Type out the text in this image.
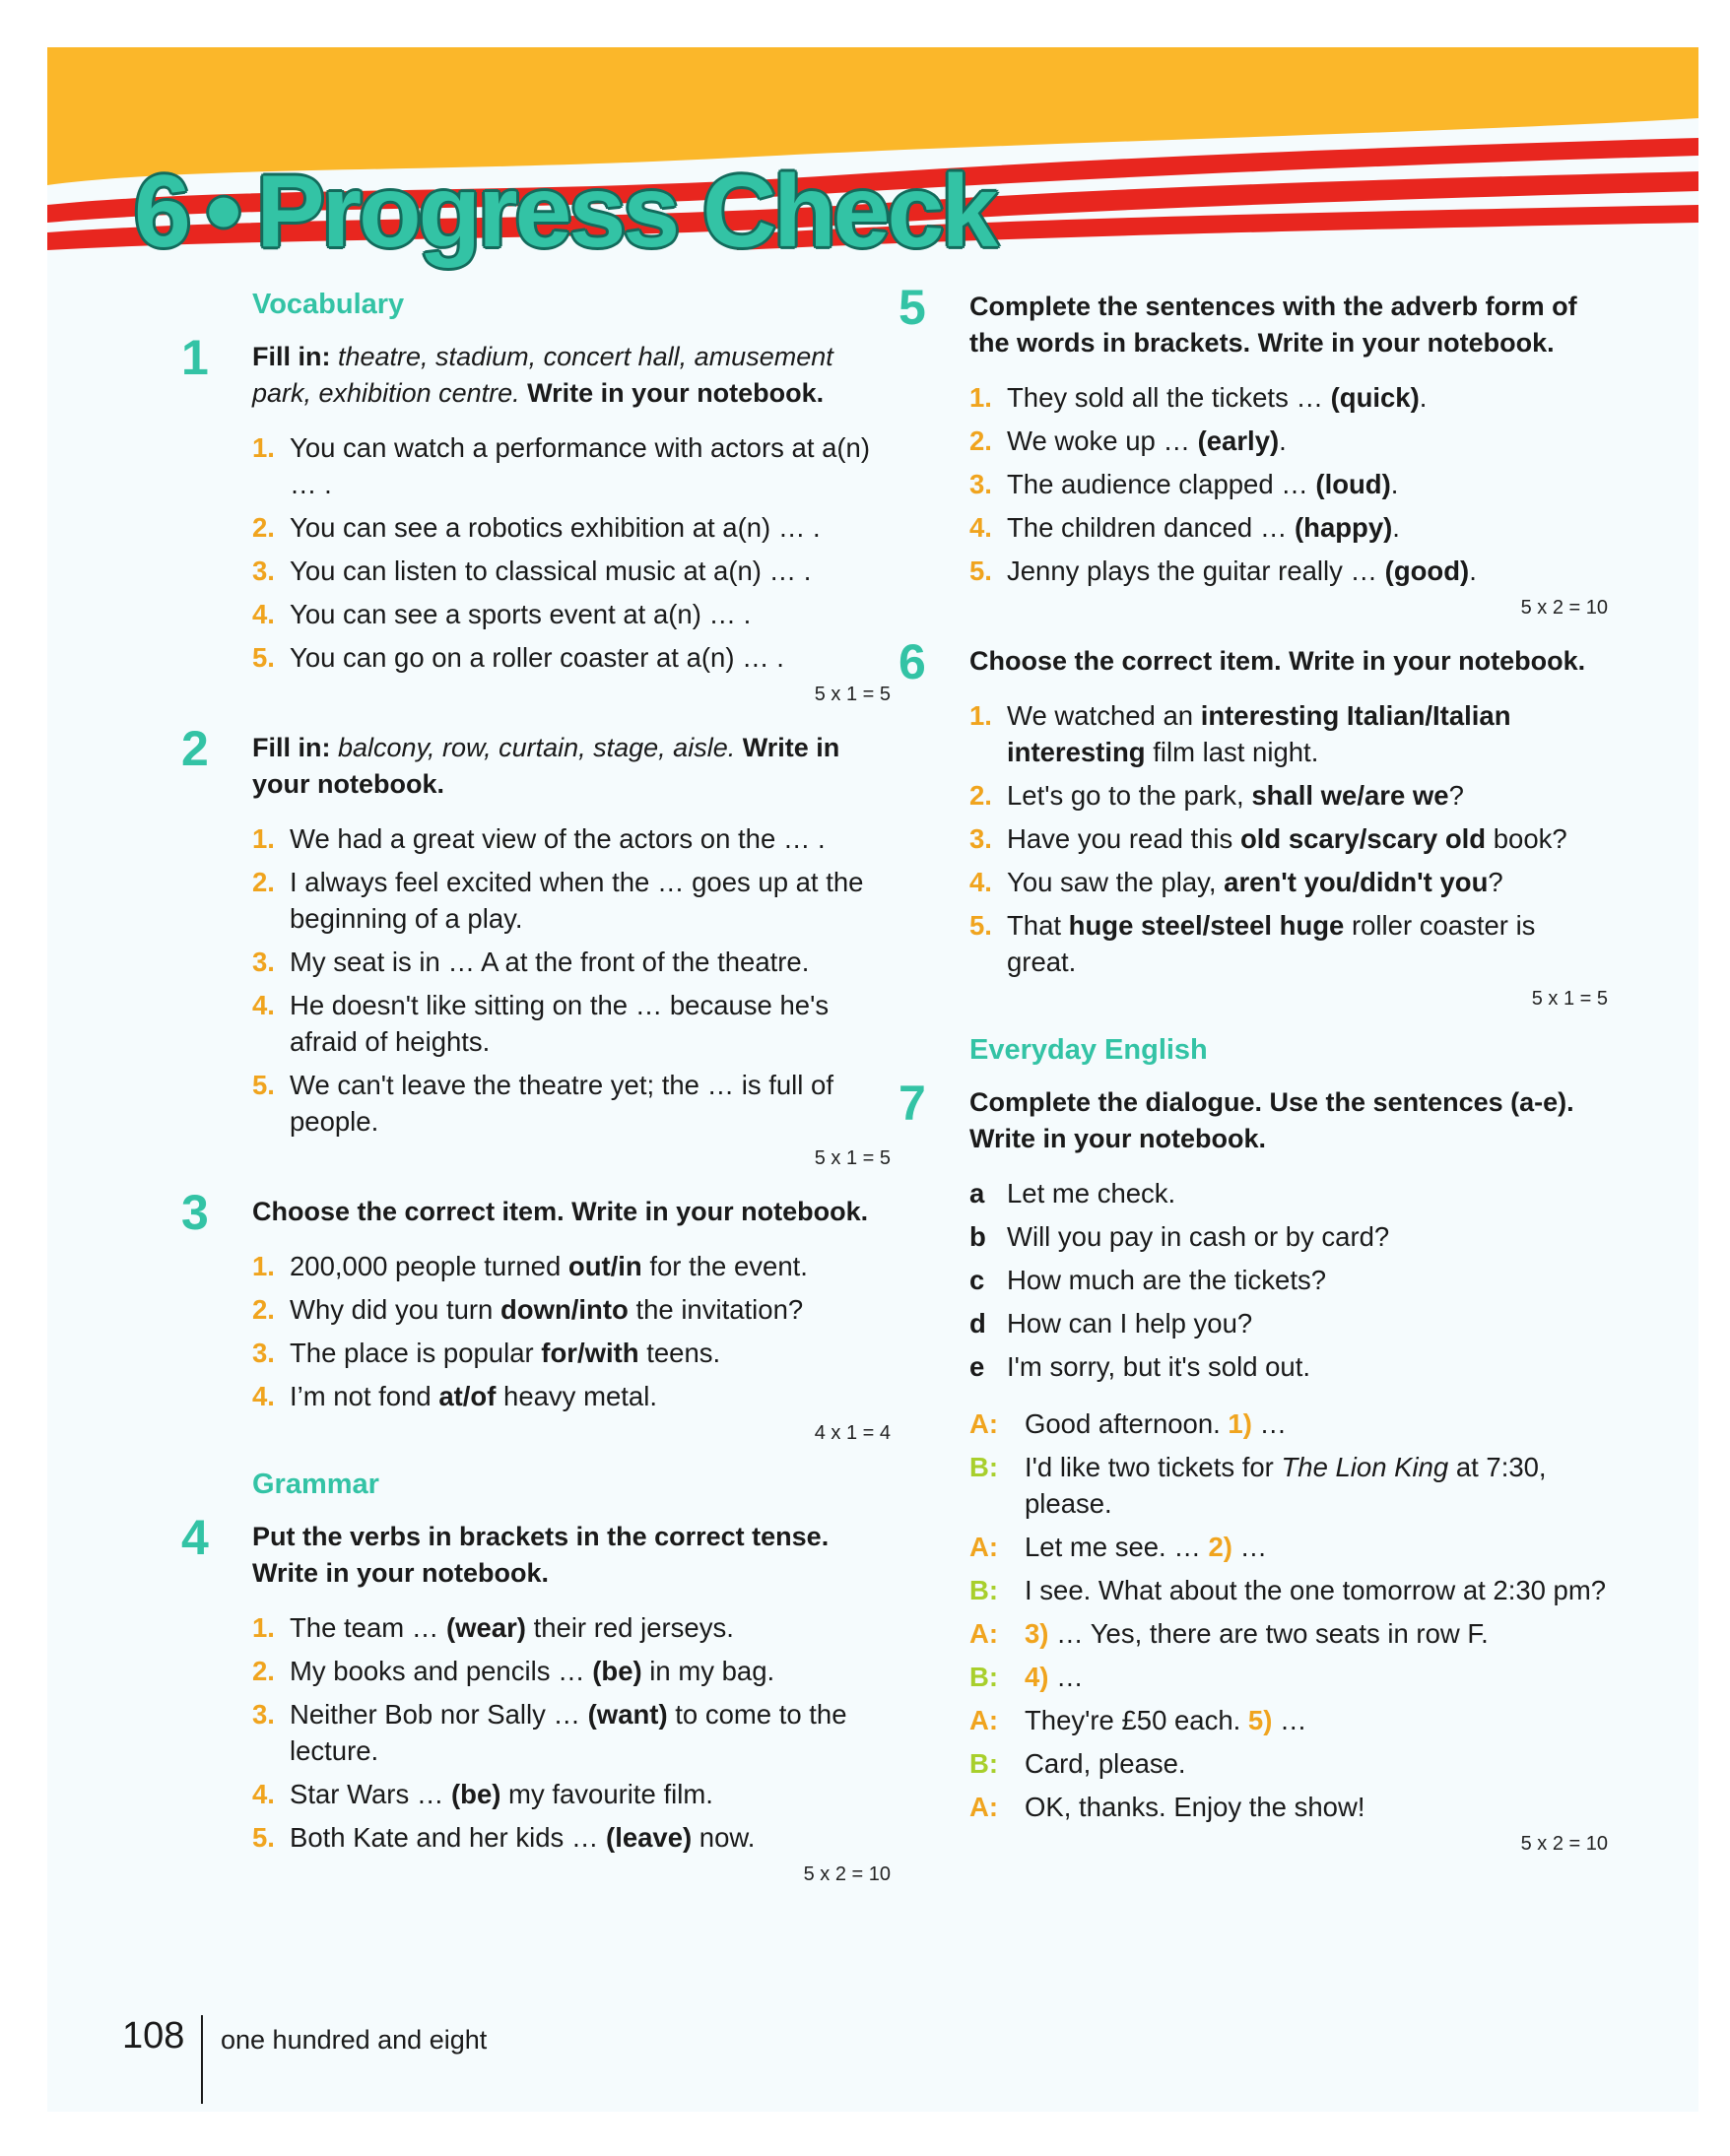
6 • Progress Check
Vocabulary
1 Fill in: theatre, stadium, concert hall, amusement park, exhibition centre. Write in your notebook.

1. You can watch a performance with actors at a(n) … .
2. You can see a robotics exhibition at a(n) … .
3. You can listen to classical music at a(n) … .
4. You can see a sports event at a(n) … .
5. You can go on a roller coaster at a(n) … .
5 x 1 = 5
2 Fill in: balcony, row, curtain, stage, aisle. Write in your notebook.

1. We had a great view of the actors on the … .
2. I always feel excited when the … goes up at the beginning of a play.
3. My seat is in … A at the front of the theatre.
4. He doesn't like sitting on the … because he's afraid of heights.
5. We can't leave the theatre yet; the … is full of people.
5 x 1 = 5
3 Choose the correct item. Write in your notebook.

1. 200,000 people turned out/in for the event.
2. Why did you turn down/into the invitation?
3. The place is popular for/with teens.
4. I’m not fond at/of heavy metal.
4 x 1 = 4
Grammar
4 Put the verbs in brackets in the correct tense. Write in your notebook.

1. The team … (wear) their red jerseys.
2. My books and pencils … (be) in my bag.
3. Neither Bob nor Sally … (want) to come to the lecture.
4. Star Wars … (be) my favourite film.
5. Both Kate and her kids … (leave) now.
5 x 2 = 10
5 Complete the sentences with the adverb form of the words in brackets. Write in your notebook.

1. They sold all the tickets … (quick).
2. We woke up … (early).
3. The audience clapped … (loud).
4. The children danced … (happy).
5. Jenny plays the guitar really … (good).
5 x 2 = 10
6 Choose the correct item. Write in your notebook.

1. We watched an interesting Italian/Italian interesting film last night.
2. Let's go to the park, shall we/are we?
3. Have you read this old scary/scary old book?
4. You saw the play, aren't you/didn't you?
5. That huge steel/steel huge roller coaster is great.
5 x 1 = 5
Everyday English
7 Complete the dialogue. Use the sentences (a-e). Write in your notebook.

a Let me check.
b Will you pay in cash or by card?
c How much are the tickets?
d How can I help you?
e I'm sorry, but it's sold out.
A: Good afternoon. 1) …
B: I'd like two tickets for The Lion King at 7:30, please.
A: Let me see. … 2) …
B: I see. What about the one tomorrow at 2:30 pm?
A: 3) … Yes, there are two seats in row F.
B: 4) …
A: They're £50 each. 5) …
B: Card, please.
A: OK, thanks. Enjoy the show!
5 x 2 = 10
108 one hundred and eight
